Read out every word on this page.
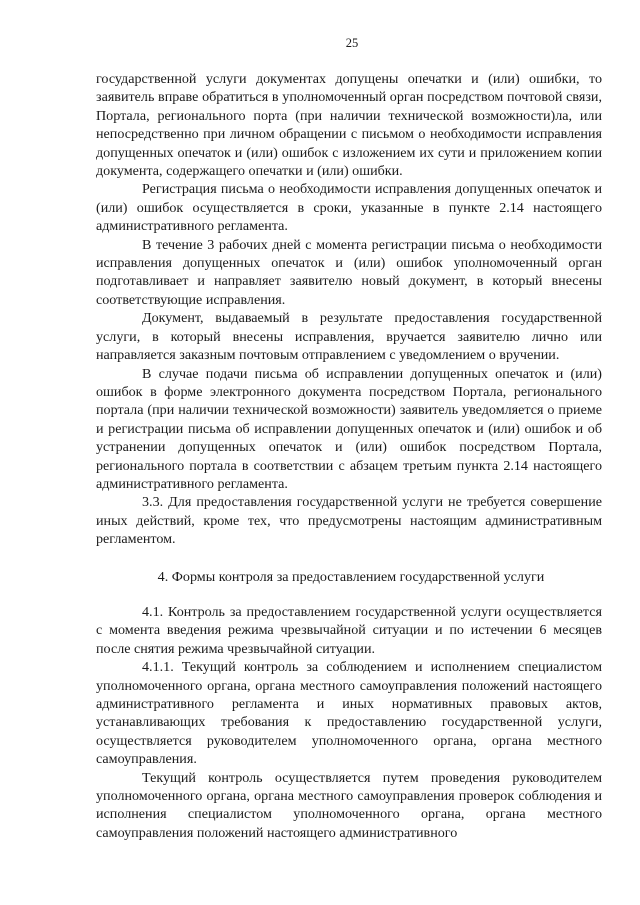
25

государственной услуги документах допущены опечатки и (или) ошибки, то заявитель вправе обратиться в уполномоченный орган посредством почтовой связи, Портала, регионального порта (при наличии технической возможности)ла, или непосредственно при личном обращении с письмом о необходимости исправления допущенных опечаток и (или) ошибок с изложением их сути и приложением копии документа, содержащего опечатки и (или) ошибки.

Регистрация письма о необходимости исправления допущенных опечаток и (или) ошибок осуществляется в сроки, указанные в пункте 2.14 настоящего административного регламента.

В течение 3 рабочих дней с момента регистрации письма о необходимости исправления допущенных опечаток и (или) ошибок уполномоченный орган подготавливает и направляет заявителю новый документ, в который внесены соответствующие исправления.

Документ, выдаваемый в результате предоставления государственной услуги, в который внесены исправления, вручается заявителю лично или направляется заказным почтовым отправлением с уведомлением о вручении.

В случае подачи письма об исправлении допущенных опечаток и (или) ошибок в форме электронного документа посредством Портала, регионального портала (при наличии технической возможности) заявитель уведомляется о приеме и регистрации письма об исправлении допущенных опечаток и (или) ошибок и об устранении допущенных опечаток и (или) ошибок посредством Портала, регионального портала в соответствии с абзацем третьим пункта 2.14 настоящего административного регламента.

3.3. Для предоставления государственной услуги не требуется совершение иных действий, кроме тех, что предусмотрены настоящим административным регламентом.

4. Формы контроля за предоставлением государственной услуги

4.1. Контроль за предоставлением государственной услуги осуществляется с момента введения режима чрезвычайной ситуации и по истечении 6 месяцев после снятия режима чрезвычайной ситуации.

4.1.1. Текущий контроль за соблюдением и исполнением специалистом уполномоченного органа, органа местного самоуправления положений настоящего административного регламента и иных нормативных правовых актов, устанавливающих требования к предоставлению государственной услуги, осуществляется руководителем уполномоченного органа, органа местного самоуправления.

Текущий контроль осуществляется путем проведения руководителем уполномоченного органа, органа местного самоуправления проверок соблюдения и исполнения специалистом уполномоченного органа, органа местного самоуправления положений настоящего административного
